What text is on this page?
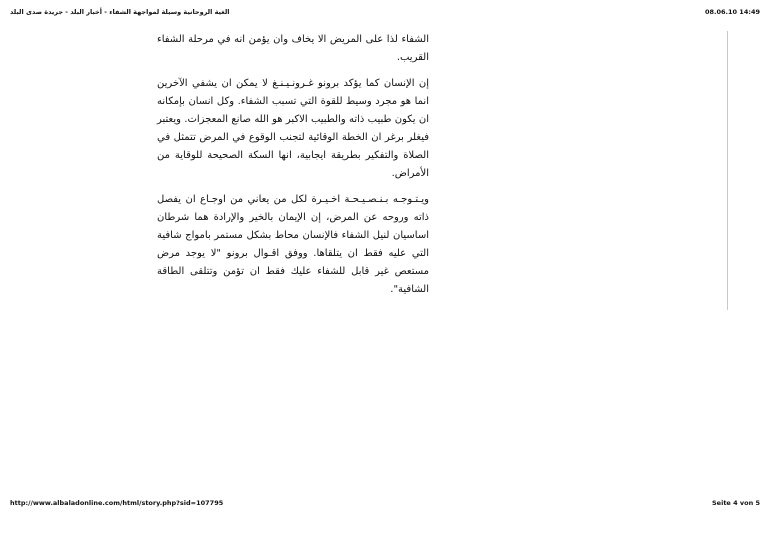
الغية الروحانية وسيلة لمواجهة الشفاء - أخبار البلد - جريدة صدى البلد	08.06.10 14:49

الشفاء لذا على المريض الا يخاف وان يؤمن انه في مرحلة الشفاء القريب.

إن الإنسان كما يؤكد برونو غـرونـيـنـغ لا يمكن ان يشفي الآخرين انما هو مجرد وسيط للقوة التي تسبب الشفاء. وكل انسان بإمكانه ان يكون طبيب ذاته والطبيب الاكبر هو الله صانع المعجزات. ويعتبر فيغلر برغر ان الخطة الوقائية لتجنب الوقوع في المرض تتمثل في الصلاة والتفكير بطريقة ايجابية، انها السكة الصحيحة للوقاية من الأمراض.

ويـتـوجـه بـنـصـيـحـة اخـيـرة لكل من يعاني من اوجـاع ان يفصل ذاته وروحه عن المرض، إن الإيمان بالخير والإرادة هما شرطان اساسيان لنيل الشفاء فالإنسان محاط بشكل مستمر بامواج شافية التي عليه فقط ان يتلقاها. ووفق اقـوال برونو "لا يوجد مرض مستعص غير قابل للشفاء عليك فقط ان تؤمن وتتلقى الطاقة الشافية".

http://www.albaladonline.com/html/story.php?sid=107795	Seite 4 von 5
